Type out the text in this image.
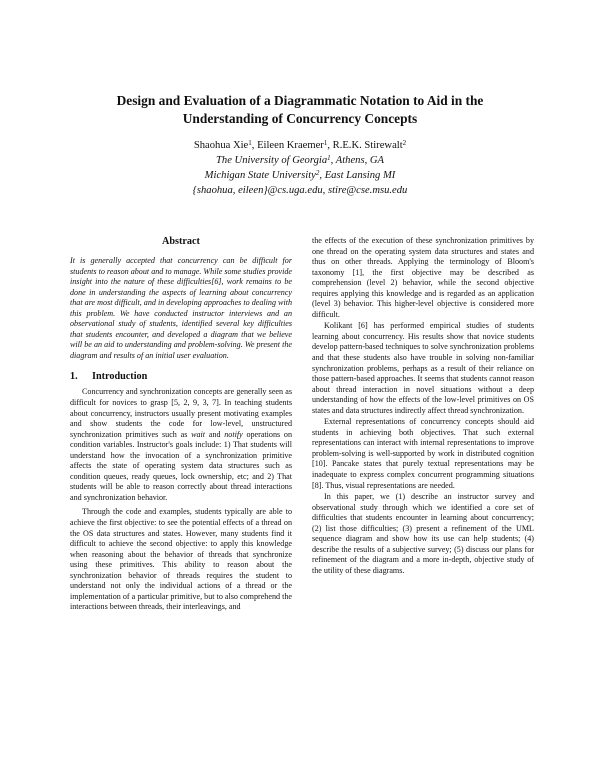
Design and Evaluation of a Diagrammatic Notation to Aid in the
Understanding of Concurrency Concepts
Shaohua Xie$^1$, Eileen Kraemer$^1$, R.E.K. Stirewalt$^2$
The University of Georgia$^1$, Athens, GA
Michigan State University$^2$, East Lansing MI
{shaohua, eileen}@cs.uga.edu, stire@cse.msu.edu
Abstract

It is generally accepted that concurrency can be difficult for students to reason about and to manage. While some studies provide insight into the nature of these difficulties[6], work remains to be done in understanding the aspects of learning about concurrency that are most difficult, and in developing approaches to dealing with this problem. We have conducted instructor interviews and an observational study of students, identified several key difficulties that students encounter, and developed a diagram that we believe will be an aid to understanding and problem-solving. We present the diagram and results of an initial user evaluation.

1. Introduction

Concurrency and synchronization concepts are generally seen as difficult for novices to grasp [5, 2, 9, 3, 7]. In teaching students about concurrency, instructors usually present motivating examples and show students the code for low-level, unstructured synchronization primitives such as wait and notify operations on condition variables. Instructor's goals include: 1) That students will understand how the invocation of a synchronization primitive affects the state of operating system data structures such as condition queues, ready queues, lock ownership, etc; and 2) That students will be able to reason correctly about thread interactions and synchronization behavior.

Through the code and examples, students typically are able to achieve the first objective: to see the potential effects of a thread on the OS data structures and states. However, many students find it difficult to achieve the second objective: to apply this knowledge when reasoning about the behavior of threads that synchronize using these primitives. This ability to reason about the synchronization behavior of threads requires the student to understand not only the individual actions of a thread or the implementation of a particular primitive, but to also comprehend the interactions between threads, their interleavings, and

the effects of the execution of these synchronization primitives by one thread on the operating system data structures and states and thus on other threads. Applying the terminology of Bloom's taxonomy [1], the first objective may be described as comprehension (level 2) behavior, while the second objective requires applying this knowledge and is regarded as an application (level 3) behavior. This higher-level objective is considered more difficult.

Kolikant [6] has performed empirical studies of students learning about concurrency. His results show that novice students develop pattern-based techniques to solve synchronization problems and that these students also have trouble in solving non-familiar synchronization problems, perhaps as a result of their reliance on those pattern-based approaches. It seems that students cannot reason about thread interaction in novel situations without a deep understanding of how the effects of the low-level primitives on OS states and data structures indirectly affect thread synchronization.

External representations of concurrency concepts should aid students in achieving both objectives. That such external representations can interact with internal representations to improve problem-solving is well-supported by work in distributed cognition [10]. Pancake states that purely textual representations may be inadequate to express complex concurrent programming situations [8]. Thus, visual representations are needed.

In this paper, we (1) describe an instructor survey and observational study through which we identified a core set of difficulties that students encounter in learning about concurrency; (2) list those difficulties; (3) present a refinement of the UML sequence diagram and show how its use can help students; (4) describe the results of a subjective survey; (5) discuss our plans for refinement of the diagram and a more in-depth, objective study of the utility of these diagrams.
